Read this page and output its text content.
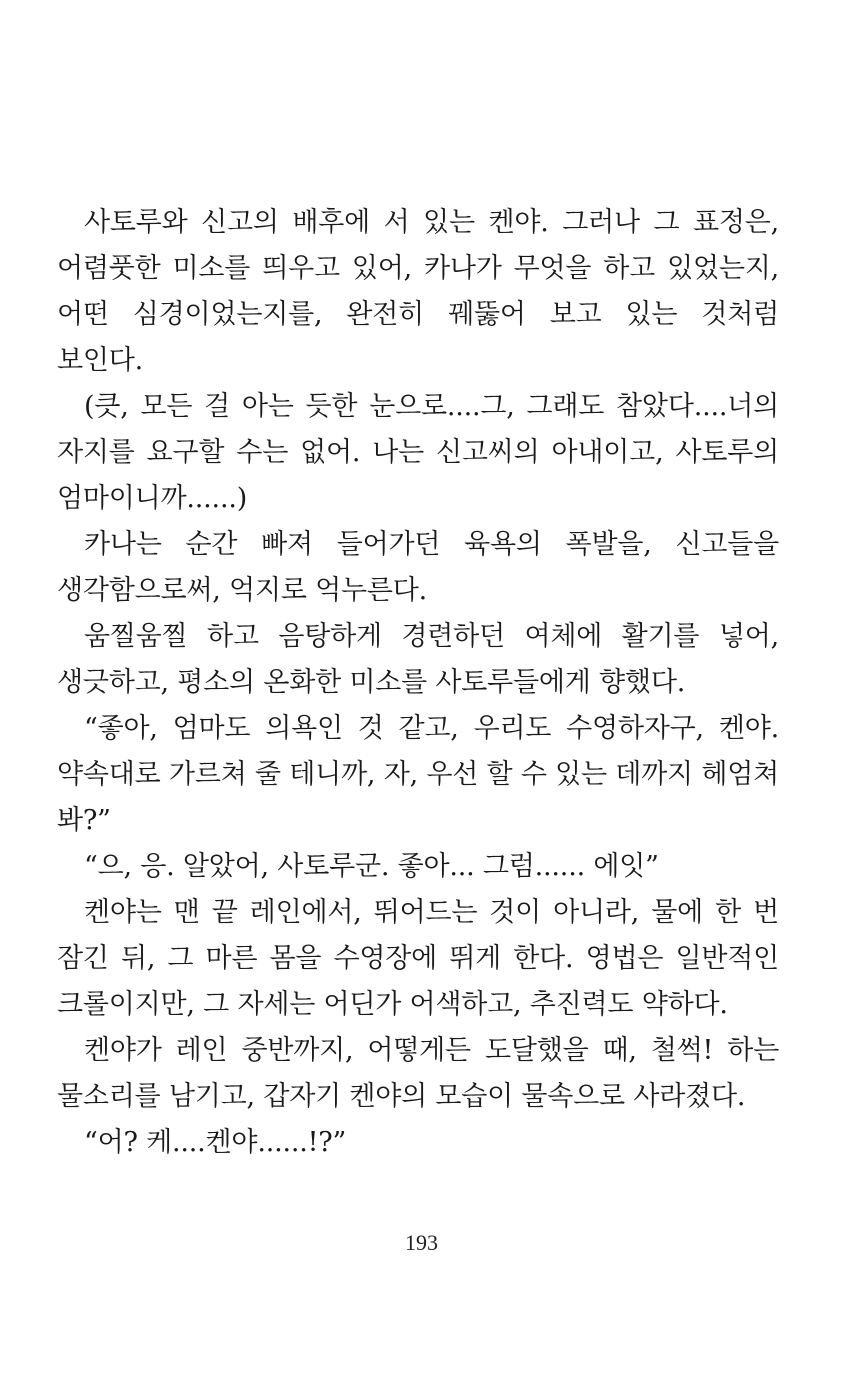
사토루와 신고의 배후에 서 있는 켄야. 그러나 그 표정은,
어렴풋한 미소를 띄우고 있어, 카나가 무엇을 하고 있었는지,
어떤 심경이었는지를, 완전히 꿰뚫어 보고 있는 것처럼
보인다.
(큿, 모든 걸 아는 듯한 눈으로....그, 그래도 참았다....너의
자지를 요구할 수는 없어. 나는 신고씨의 아내이고, 사토루의
엄마이니까......)
카나는 순간 빠져 들어가던 육욕의 폭발을, 신고들을
생각함으로써, 억지로 억누른다.
움찔움찔 하고 음탕하게 경련하던 여체에 활기를 넣어,
생긋하고, 평소의 온화한 미소를 사토루들에게 향했다.
“좋아, 엄마도 의욕인 것 같고, 우리도 수영하자구, 켄야.
약속대로 가르쳐 줄 테니까, 자, 우선 할 수 있는 데까지 헤엄쳐
봐?”
“으, 응. 알았어, 사토루군. 좋아... 그럼...... 에잇”
켄야는 맨 끝 레인에서, 뛰어드는 것이 아니라, 물에 한 번
잠긴 뒤, 그 마른 몸을 수영장에 뛰게 한다. 영법은 일반적인
크롤이지만, 그 자세는 어딘가 어색하고, 추진력도 약하다.
켄야가 레인 중반까지, 어떻게든 도달했을 때, 철썩! 하는
물소리를 남기고, 갑자기 켄야의 모습이 물속으로 사라졌다.
“어? 케....켄야......!?”
193
